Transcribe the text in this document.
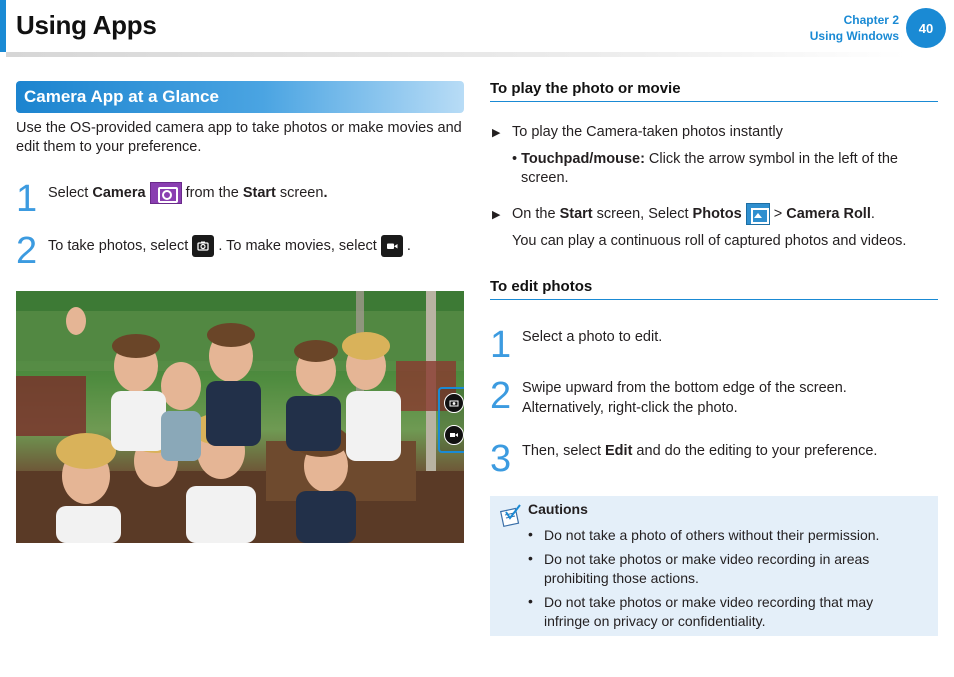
Using Apps	Chapter 2
Using Windows
40
Camera App at a Glance
Use the OS-provided camera app to take photos or make movies and edit them to your preference.
1 Select Camera	from the Start screen.
2 To take photos, select
. To make movies, select
.
To play the photo or movie
▶ To play the Camera-taken photos instantly
• Touchpad/mouse: Click the arrow symbol in the left of the
screen.
▶ On the Start screen, Select Photos  > Camera Roll.
You can play a continuous roll of captured photos and videos.
To edit photos
1 Select a photo to edit.
2 Swipe upward from the bottom edge of the screen.
Alternatively, right-click the photo.
3 Then, select Edit and do the editing to your preference.
Cautions
• Do not take a photo of others without their permission.
• Do not take photos or make video recording in areas prohibiting those actions.
• Do not take photos or make video recording that may infringe on privacy or confidentiality.
